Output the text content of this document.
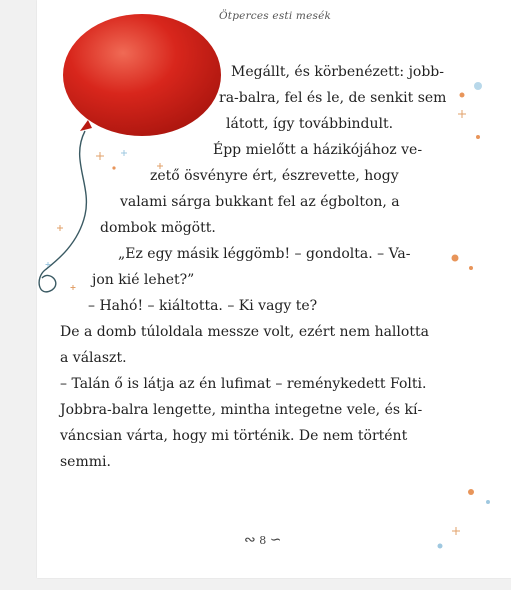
Ötperces esti mesék
Megállt, és körbenézett: jobb-
ra-balra, fel és le, de senkit sem
látott, így továbbindult.
Épp mielőtt a házikójához ve-
zető ösvényre ért, észrevette, hogy
valami sárga bukkant fel az égbolton, a
dombok mögött.
„Ez egy másik léggömb! – gondolta. – Va-
jon kié lehet?”
– Hahó! – kiáltotta. – Ki vagy te?
De a domb túloldala messze volt, ezért nem hallotta
a választ.
– Talán ő is látja az én lufimat – reménykedett Folti.
Jobbra-balra lengette, mintha integetne vele, és kí-
váncsian várta, hogy mi történik. De nem történt
semmi.
∾ 8 ∽
